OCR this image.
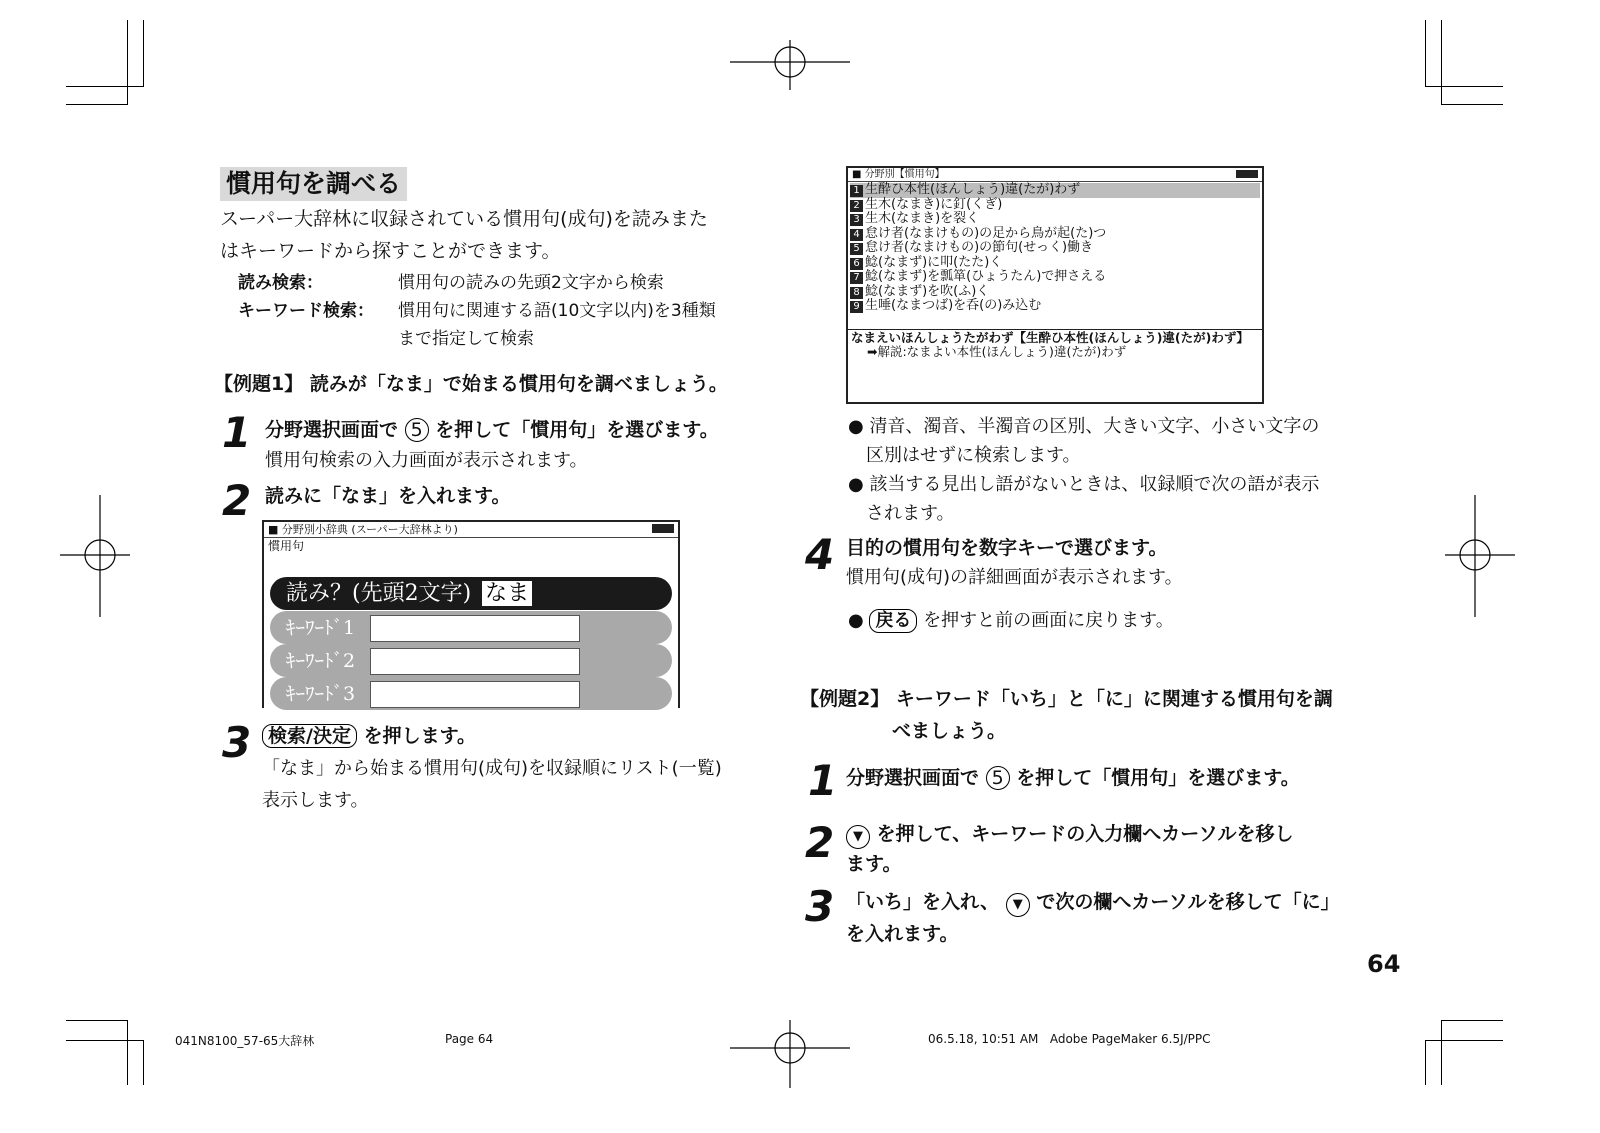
慣用句を調べる
スーパー大辞林に収録されている慣用句(成句)を読みまた
はキーワードから探すことができます。
読み検索：	慣用句の読みの先頭2文字から検索
キーワード検索： 慣用句に関連する語(10文字以内)を3種類
まで指定して検索
【例題1】 読みが「なま」で始まる慣用句を調べましょう。
1 分野選択画面で 5 を押して「慣用句」を選びます。
慣用句検索の入力画面が表示されます。
2 読みに「なま」を入れます。
■ 分野別小辞典 (スーパー大辞林より)
慣用句
読み？(先頭2文字) なま
ｷｰﾜｰﾄﾞ1
ｷｰﾜｰﾄﾞ2
ｷｰﾜｰﾄﾞ3
3 検索/決定 を押します。
「なま」から始まる慣用句(成句)を収録順にリスト(一覧)
表示します。
■ 分野別【慣用句】
1 生酔ひ本性(ほんしょう)違(たが)わず
2 生木(なまき)に釘(くぎ)
3 生木(なまき)を裂く
4 怠け者(なまけもの)の足から鳥が起(た)つ
5 怠け者(なまけもの)の節句(せっく)働き
6 鯰(なまず)に叩(たた)く
7 鯰(なまず)を瓢箪(ひょうたん)で押さえる
8 鯰(なまず)を吹(ふ)く
9 生唾(なまつば)を呑(の)み込む
なまえいほんしょうたがわず【生酔ひ本性(ほんしょう)違(たが)わず】
➡解説:なまよい本性(ほんしょう)違(たが)わず
● 清音、濁音、半濁音の区別、大きい文字、小さい文字の
区別はせずに検索します。
● 該当する見出し語がないときは、収録順で次の語が表示
されます。
4 目的の慣用句を数字キーで選びます。
慣用句(成句)の詳細画面が表示されます。
● 戻る を押すと前の画面に戻ります。
【例題2】 キーワード「いち」と「に」に関連する慣用句を調
べましょう。
1 分野選択画面で 5 を押して「慣用句」を選びます。
2	▼ を押して、キーワードの入力欄へカーソルを移し
ます。
3 「いち」を入れ、 ▼ で次の欄へカーソルを移して「に」
を入れます。
64
041N8100_57-65大辞林	Page 64	06.5.18, 10:51 AM   Adobe PageMaker 6.5J/PPC
